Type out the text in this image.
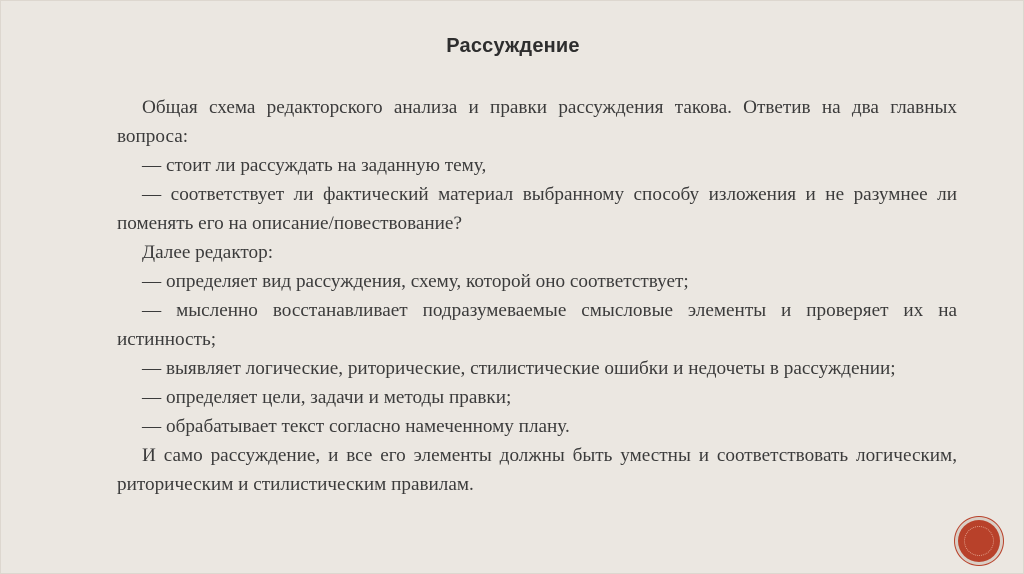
Рассуждение

Общая схема редакторского анализа и правки рассуждения такова. Ответив на два главных вопроса:

— стоит ли рассуждать на заданную тему,

— соответствует ли фактический материал выбранному способу изложения и не разумнее ли поменять его на описание/повествование?

Далее редактор:

— определяет вид рассуждения, схему, которой оно соответствует;

— мысленно восстанавливает подразумеваемые смысловые элементы и проверяет их на истинность;

— выявляет логические, риторические, стилистические ошибки и недочеты в рассуждении;

— определяет цели, задачи и методы правки;

— обрабатывает текст согласно намеченному плану.

И само рассуждение, и все его элементы должны быть уместны и соответствовать логическим, риторическим и стилистическим правилам.
